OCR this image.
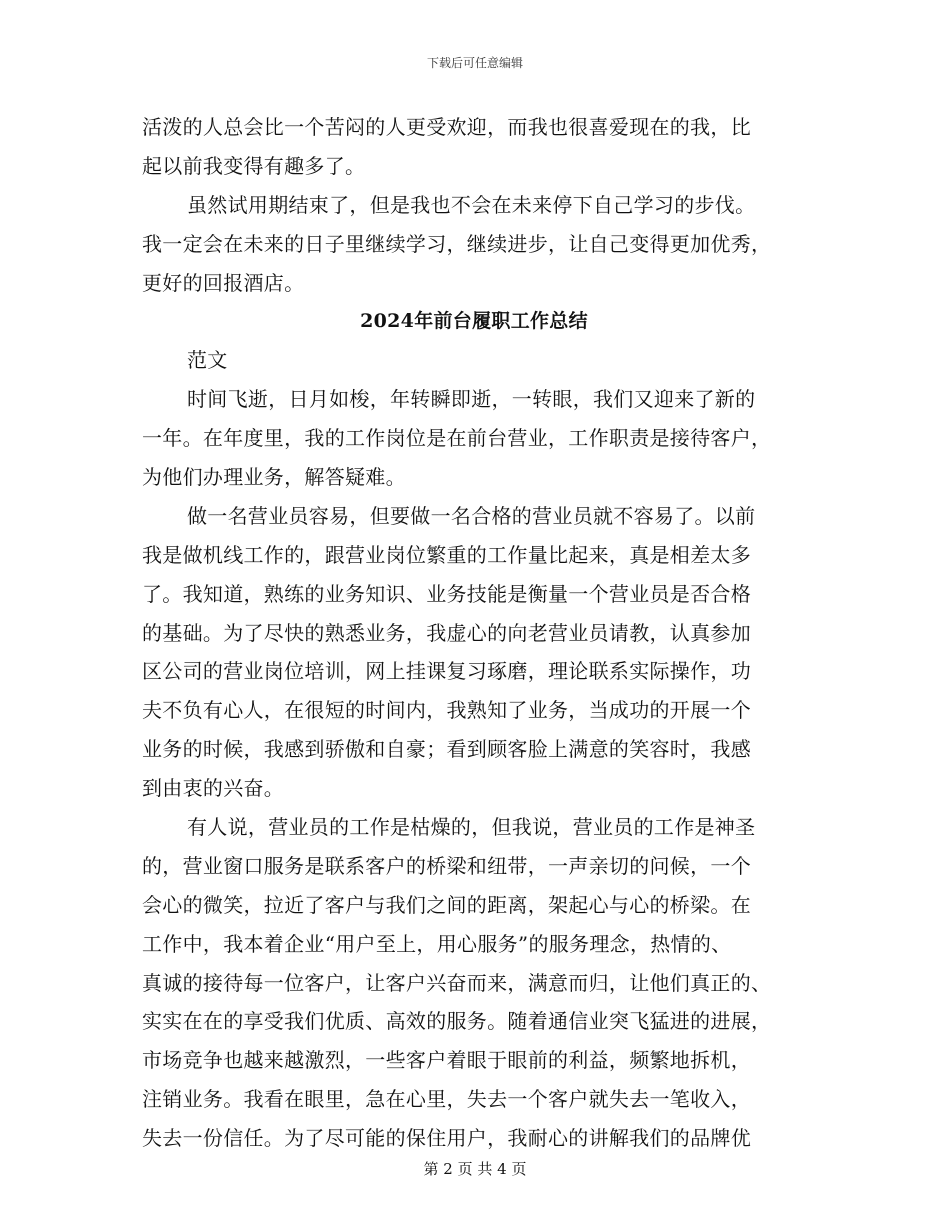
下载后可任意编辑
活泼的人总会比一个苦闷的人更受欢迎，而我也很喜爱现在的我，比
起以前我变得有趣多了。
虽然试用期结束了，但是我也不会在未来停下自己学习的步伐。
我一定会在未来的日子里继续学习，继续进步，让自己变得更加优秀，
更好的回报酒店。
2024年前台履职工作总结
范文
时间飞逝，日月如梭，年转瞬即逝，一转眼，我们又迎来了新的
一年。在年度里，我的工作岗位是在前台营业，工作职责是接待客户，
为他们办理业务，解答疑难。
做一名营业员容易，但要做一名合格的营业员就不容易了。以前
我是做机线工作的，跟营业岗位繁重的工作量比起来，真是相差太多
了。我知道，熟练的业务知识、业务技能是衡量一个营业员是否合格
的基础。为了尽快的熟悉业务，我虚心的向老营业员请教，认真参加
区公司的营业岗位培训，网上挂课复习琢磨，理论联系实际操作，功
夫不负有心人，在很短的时间内，我熟知了业务，当成功的开展一个
业务的时候，我感到骄傲和自豪；看到顾客脸上满意的笑容时，我感
到由衷的兴奋。
有人说，营业员的工作是枯燥的，但我说，营业员的工作是神圣
的，营业窗口服务是联系客户的桥梁和纽带，一声亲切的问候，一个
会心的微笑，拉近了客户与我们之间的距离，架起心与心的桥梁。在
工作中，我本着企业“用户至上，用心服务”的服务理念，热情的、
真诚的接待每一位客户，让客户兴奋而来，满意而归，让他们真正的、
实实在在的享受我们优质、高效的服务。随着通信业突飞猛进的进展，
市场竞争也越来越激烈，一些客户着眼于眼前的利益，频繁地拆机，
注销业务。我看在眼里，急在心里，失去一个客户就失去一笔收入，
失去一份信任。为了尽可能的保住用户，我耐心的讲解我们的品牌优
第 2 页 共 4 页
